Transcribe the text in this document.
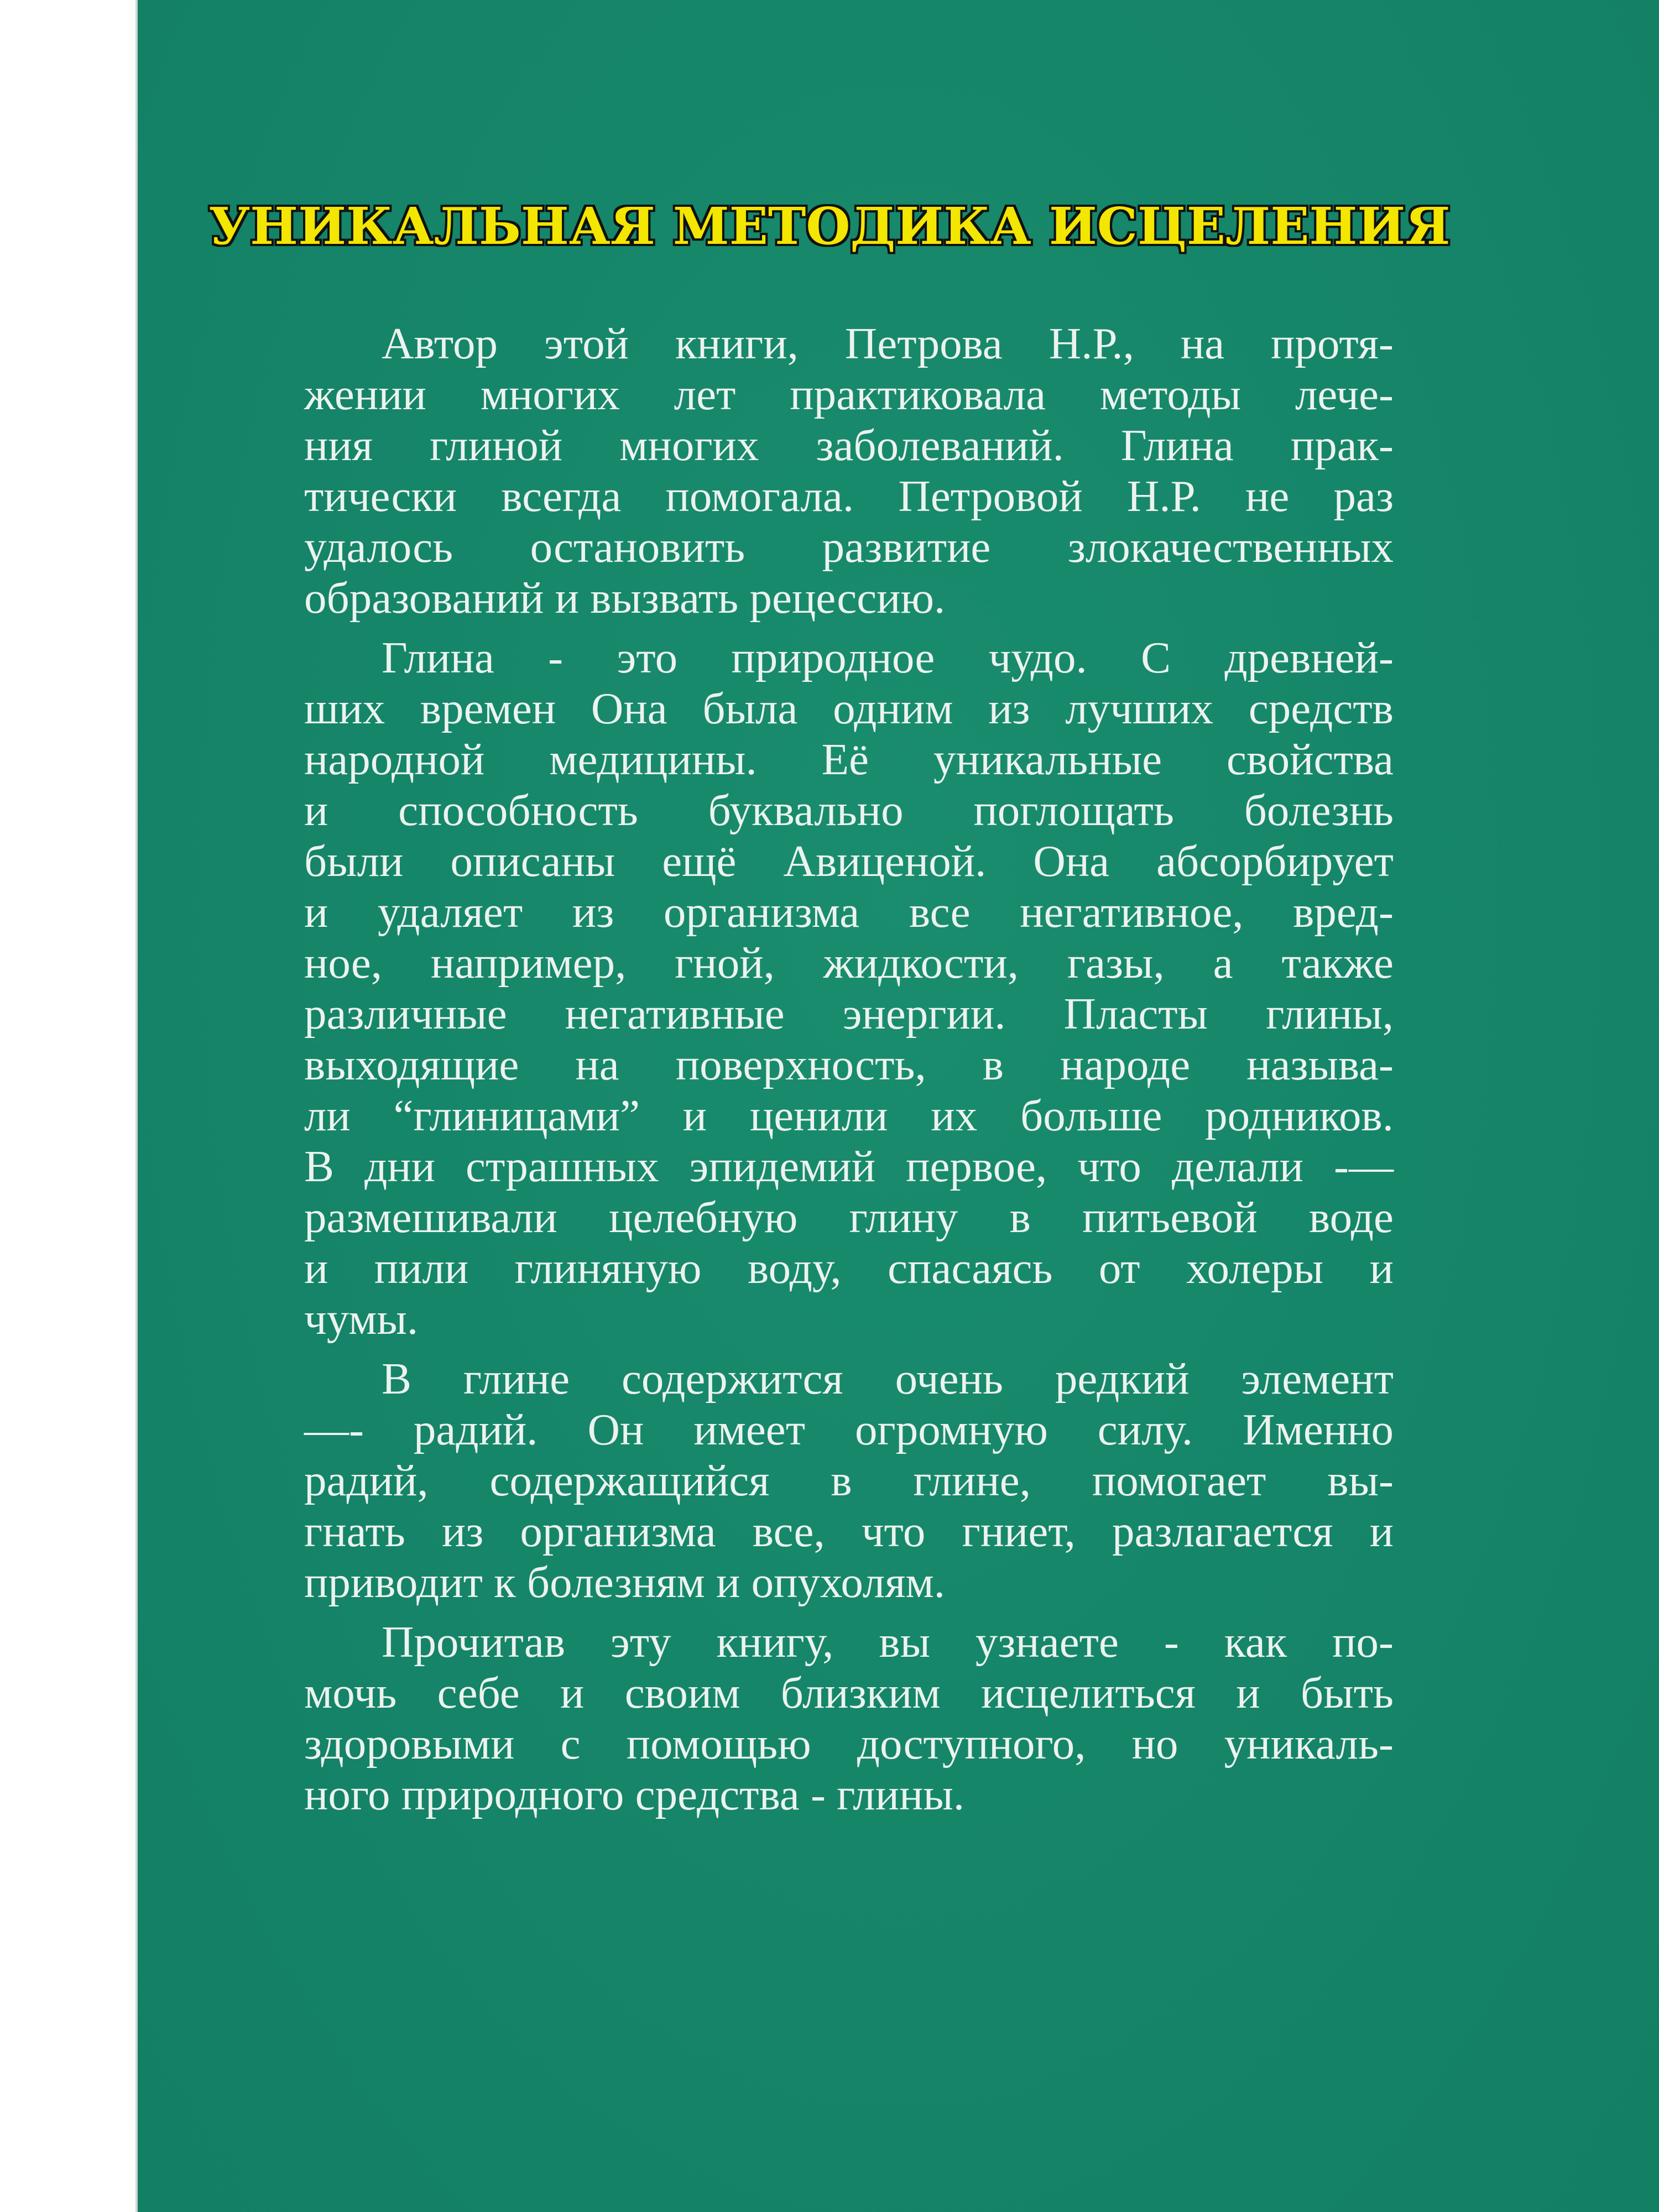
УНИКАЛЬНАЯ МЕТОДИКА ИСЦЕЛЕНИЯ
Автор этой книги, Петрова Н.Р., на протя-
жении многих лет практиковала методы лече-
ния глиной многих заболеваний. Глина прак-
тически всегда помогала. Петровой Н.Р. не раз
удалось остановить развитие злокачественных
образований и вызвать рецессию.
Глина - это природное чудо. С древней-
ших времен Она была одним из лучших средств
народной медицины. Её уникальные свойства
и способность буквально поглощать болезнь
были описаны ещё Авиценой. Она абсорбирует
и удаляет из организма все негативное, вред-
ное, например, гной, жидкости, газы, а также
различные негативные энергии. Пласты глины,
выходящие на поверхность, в народе называ-
ли “глиницами” и ценили их больше родников.
В дни страшных эпидемий первое, что делали -—
размешивали целебную глину в питьевой воде
и пили глиняную воду, спасаясь от холеры и
чумы.
В глине содержится очень редкий элемент
—- радий. Он имеет огромную силу. Именно
радий, содержащийся в глине, помогает вы-
гнать из организма все, что гниет, разлагается и
приводит к болезням и опухолям.
Прочитав эту книгу, вы узнаете - как по-
мочь себе и своим близким исцелиться и быть
здоровыми с помощью доступного, но уникаль-
ного природного средства - глины.
